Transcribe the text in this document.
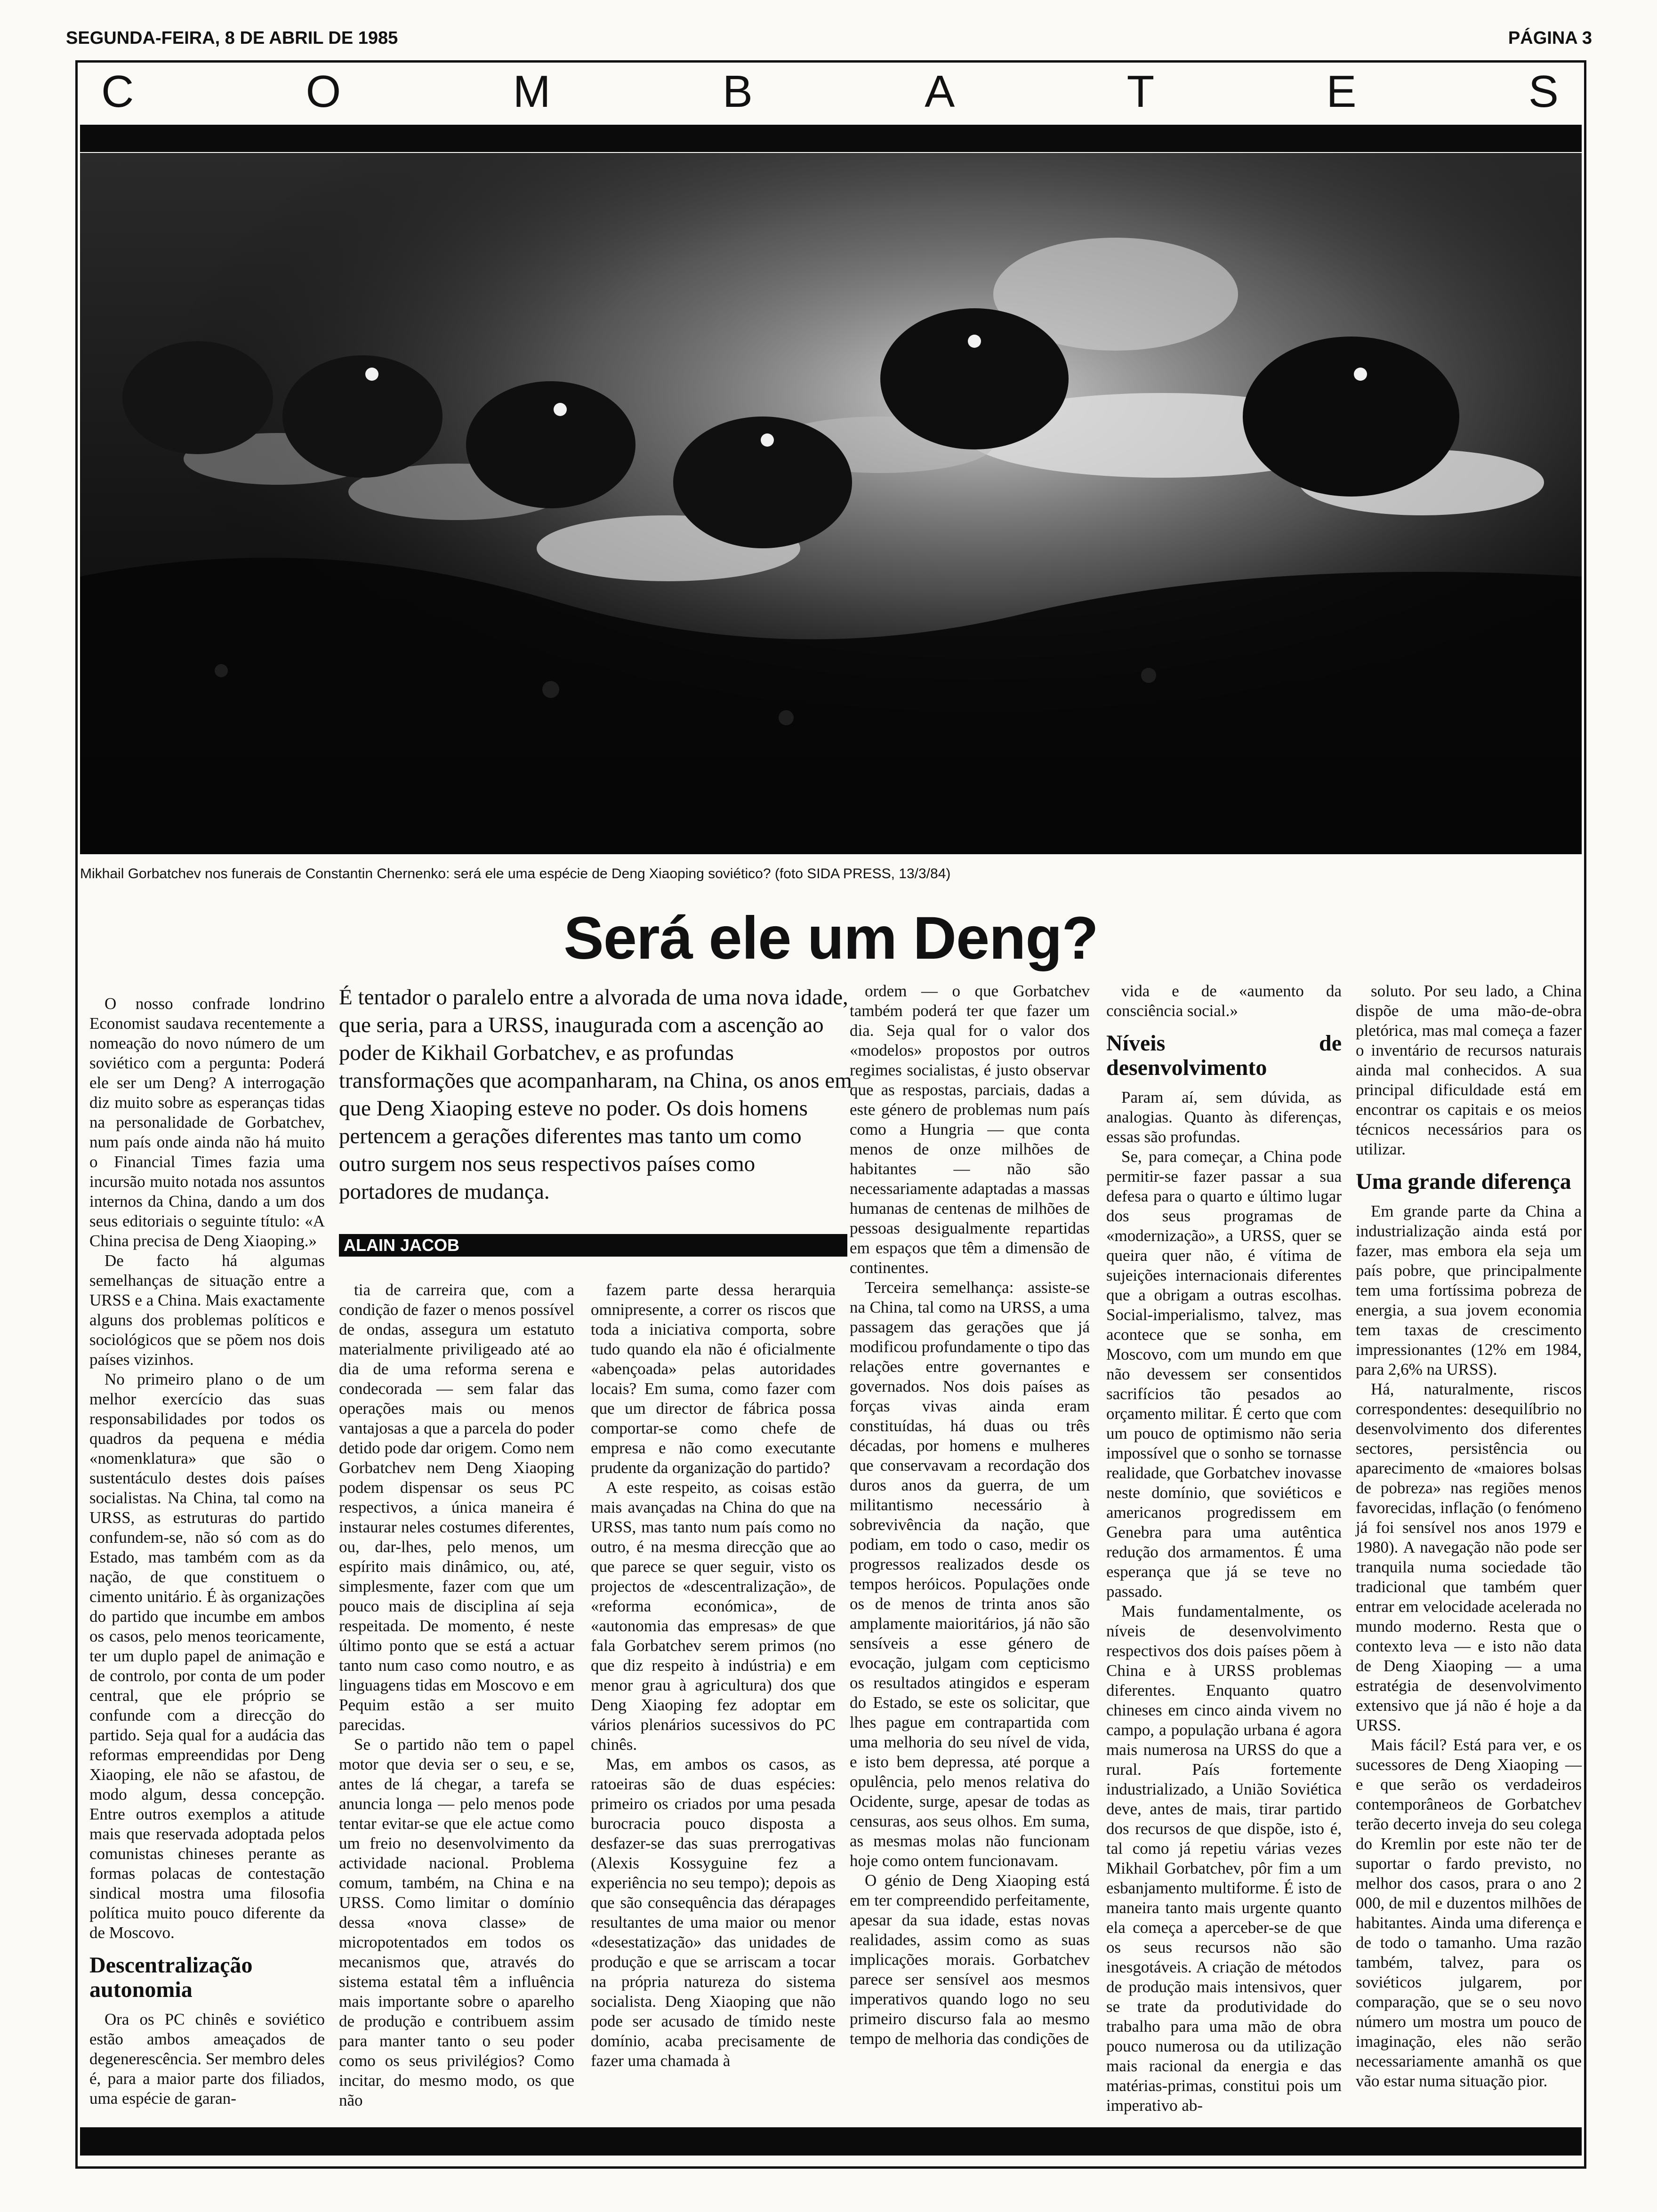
SEGUNDA-FEIRA, 8 DE ABRIL DE 1985	PÁGINA 3
C	O	M	B	A	T	E	S
Mikhail Gorbatchev nos funerais de Constantin Chernenko: será ele uma espécie de Deng Xiaoping soviético? (foto SIDA PRESS, 13/3/84)
Será ele um Deng?
É tentador o paralelo entre a alvorada de uma nova idade, que seria, para a URSS, inaugurada com a ascenção ao poder de Kikhail Gorbatchev, e as profundas transformações que acompanharam, na China, os anos em que Deng Xiaoping esteve no poder. Os dois homens pertencem a gerações diferentes mas tanto um como outro surgem nos seus respectivos países como portadores de mudança.
ALAIN JACOB

O nosso confrade londrino Economist saudava recentemente a nomeação do novo número de um soviético com a pergunta: Poderá ele ser um Deng? A interrogação diz muito sobre as esperanças tidas na personalidade de Gorbatchev, num país onde ainda não há muito o Financial Times fazia uma incursão muito notada nos assuntos internos da China, dando a um dos seus editoriais o seguinte título: «A China precisa de Deng Xiaoping.»

De facto há algumas semelhanças de situação entre a URSS e a China. Mais exactamente alguns dos problemas políticos e sociológicos que se põem nos dois países vizinhos.

No primeiro plano o de um melhor exercício das suas responsabilidades por todos os quadros da pequena e média «nomenklatura» que são o sustentáculo destes dois países socialistas. Na China, tal como na URSS, as estruturas do partido confundem-se, não só com as do Estado, mas também com as da nação, de que constituem o cimento unitário. É às organizações do partido que incumbe em ambos os casos, pelo menos teoricamente, ter um duplo papel de animação e de controlo, por conta de um poder central, que ele próprio se confunde com a direcção do partido. Seja qual for a audácia das reformas empreendidas por Deng Xiaoping, ele não se afastou, de modo algum, dessa concepção. Entre outros exemplos a atitude mais que reservada adoptada pelos comunistas chineses perante as formas polacas de contestação sindical mostra uma filosofia política muito pouco diferente da de Moscovo.

Descentralização autonomia

Ora os PC chinês e soviético estão ambos ameaçados de degenerescência. Ser membro deles é, para a maior parte dos filiados, uma espécie de garan-

tia de carreira que, com a condição de fazer o menos possível de ondas, assegura um estatuto materialmente priviligeado até ao dia de uma reforma serena e condecorada — sem falar das operações mais ou menos vantajosas a que a parcela do poder detido pode dar origem. Como nem Gorbatchev nem Deng Xiaoping podem dispensar os seus PC respectivos, a única maneira é instaurar neles costumes diferentes, ou, dar-lhes, pelo menos, um espírito mais dinâmico, ou, até, simplesmente, fazer com que um pouco mais de disciplina aí seja respeitada. De momento, é neste último ponto que se está a actuar tanto num caso como noutro, e as linguagens tidas em Moscovo e em Pequim estão a ser muito parecidas.

Se o partido não tem o papel motor que devia ser o seu, e se, antes de lá chegar, a tarefa se anuncia longa — pelo menos pode tentar evitar-se que ele actue como um freio no desenvolvimento da actividade nacional. Problema comum, também, na China e na URSS. Como limitar o domínio dessa «nova classe» de micropotentados em todos os mecanismos que, através do sistema estatal têm a influência mais importante sobre o aparelho de produção e contribuem assim para manter tanto o seu poder como os seus privilégios? Como incitar, do mesmo modo, os que não

fazem parte dessa herarquia omnipresente, a correr os riscos que toda a iniciativa comporta, sobre tudo quando ela não é oficialmente «abençoada» pelas autoridades locais? Em suma, como fazer com que um director de fábrica possa comportar-se como chefe de empresa e não como executante prudente da organização do partido?

A este respeito, as coisas estão mais avançadas na China do que na URSS, mas tanto num país como no outro, é na mesma direcção que ao que parece se quer seguir, visto os projectos de «descentralização», de «reforma económica», de «autonomia das empresas» de que fala Gorbatchev serem primos (no que diz respeito à indústria) e em menor grau à agricultura) dos que Deng Xiaoping fez adoptar em vários plenários sucessivos do PC chinês.

Mas, em ambos os casos, as ratoeiras são de duas espécies: primeiro os criados por uma pesada burocracia pouco disposta a desfazer-se das suas prerrogativas (Alexis Kossyguine fez a experiência no seu tempo); depois as que são consequência das dérapages resultantes de uma maior ou menor «desestatização» das unidades de produção e que se arriscam a tocar na própria natureza do sistema socialista. Deng Xiaoping que não pode ser acusado de tímido neste domínio, acaba precisamente de fazer uma chamada à

ordem — o que Gorbatchev também poderá ter que fazer um dia. Seja qual for o valor dos «modelos» propostos por outros regimes socialistas, é justo observar que as respostas, parciais, dadas a este género de problemas num país como a Hungria — que conta menos de onze milhões de habitantes — não são necessariamente adaptadas a massas humanas de centenas de milhões de pessoas desigualmente repartidas em espaços que têm a dimensão de continentes.

Terceira semelhança: assiste-se na China, tal como na URSS, a uma passagem das gerações que já modificou profundamente o tipo das relações entre governantes e governados. Nos dois países as forças vivas ainda eram constituídas, há duas ou três décadas, por homens e mulheres que conservavam a recordação dos duros anos da guerra, de um militantismo necessário à sobrevivência da nação, que podiam, em todo o caso, medir os progressos realizados desde os tempos heróicos. Populações onde os de menos de trinta anos são amplamente maioritários, já não são sensíveis a esse género de evocação, julgam com cepticismo os resultados atingidos e esperam do Estado, se este os solicitar, que lhes pague em contrapartida com uma melhoria do seu nível de vida, e isto bem depressa, até porque a opulência, pelo menos relativa do Ocidente, surge, apesar de todas as censuras, aos seus olhos. Em suma, as mesmas molas não funcionam hoje como ontem funcionavam.

O génio de Deng Xiaoping está em ter compreendido perfeitamente, apesar da sua idade, estas novas realidades, assim como as suas implicações morais. Gorbatchev parece ser sensível aos mesmos imperativos quando logo no seu primeiro discurso fala ao mesmo tempo de melhoria das condições de

vida e de «aumento da consciência social.»

Níveis de desenvolvimento

Param aí, sem dúvida, as analogias. Quanto às diferenças, essas são profundas.

Se, para começar, a China pode permitir-se fazer passar a sua defesa para o quarto e último lugar dos seus programas de «modernização», a URSS, quer se queira quer não, é vítima de sujeições internacionais diferentes que a obrigam a outras escolhas. Social-imperialismo, talvez, mas acontece que se sonha, em Moscovo, com um mundo em que não devessem ser consentidos sacrifícios tão pesados ao orçamento militar. É certo que com um pouco de optimismo não seria impossível que o sonho se tornasse realidade, que Gorbatchev inovasse neste domínio, que soviéticos e americanos progredissem em Genebra para uma autêntica redução dos armamentos. É uma esperança que já se teve no passado.

Mais fundamentalmente, os níveis de desenvolvimento respectivos dos dois países põem à China e à URSS problemas diferentes. Enquanto quatro chineses em cinco ainda vivem no campo, a população urbana é agora mais numerosa na URSS do que a rural. País fortemente industrializado, a União Soviética deve, antes de mais, tirar partido dos recursos de que dispõe, isto é, tal como já repetiu várias vezes Mikhail Gorbatchev, pôr fim a um esbanjamento multiforme. É isto de maneira tanto mais urgente quanto ela começa a aperceber-se de que os seus recursos não são inesgotáveis. A criação de métodos de produção mais intensivos, quer se trate da produtividade do trabalho para uma mão de obra pouco numerosa ou da utilização mais racional da energia e das matérias-primas, constitui pois um imperativo ab-

soluto. Por seu lado, a China dispõe de uma mão-de-obra pletórica, mas mal começa a fazer o inventário de recursos naturais ainda mal conhecidos. A sua principal dificuldade está em encontrar os capitais e os meios técnicos necessários para os utilizar.

Uma grande diferença

Em grande parte da China a industrialização ainda está por fazer, mas embora ela seja um país pobre, que principalmente tem uma fortíssima pobreza de energia, a sua jovem economia tem taxas de crescimento impressionantes (12% em 1984, para 2,6% na URSS).

Há, naturalmente, riscos correspondentes: desequilíbrio no desenvolvimento dos diferentes sectores, persistência ou aparecimento de «maiores bolsas de pobreza» nas regiões menos favorecidas, inflação (o fenómeno já foi sensível nos anos 1979 e 1980). A navegação não pode ser tranquila numa sociedade tão tradicional que também quer entrar em velocidade acelerada no mundo moderno. Resta que o contexto leva — e isto não data de Deng Xiaoping — a uma estratégia de desenvolvimento extensivo que já não é hoje a da URSS.

Mais fácil? Está para ver, e os sucessores de Deng Xiaoping — e que serão os verdadeiros contemporâneos de Gorbatchev terão decerto inveja do seu colega do Kremlin por este não ter de suportar o fardo previsto, no melhor dos casos, prara o ano 2 000, de mil e duzentos milhões de habitantes. Ainda uma diferença e de todo o tamanho. Uma razão também, talvez, para os soviéticos julgarem, por comparação, que se o seu novo número um mostra um pouco de imaginação, eles não serão necessariamente amanhã os que vão estar numa situação pior.
